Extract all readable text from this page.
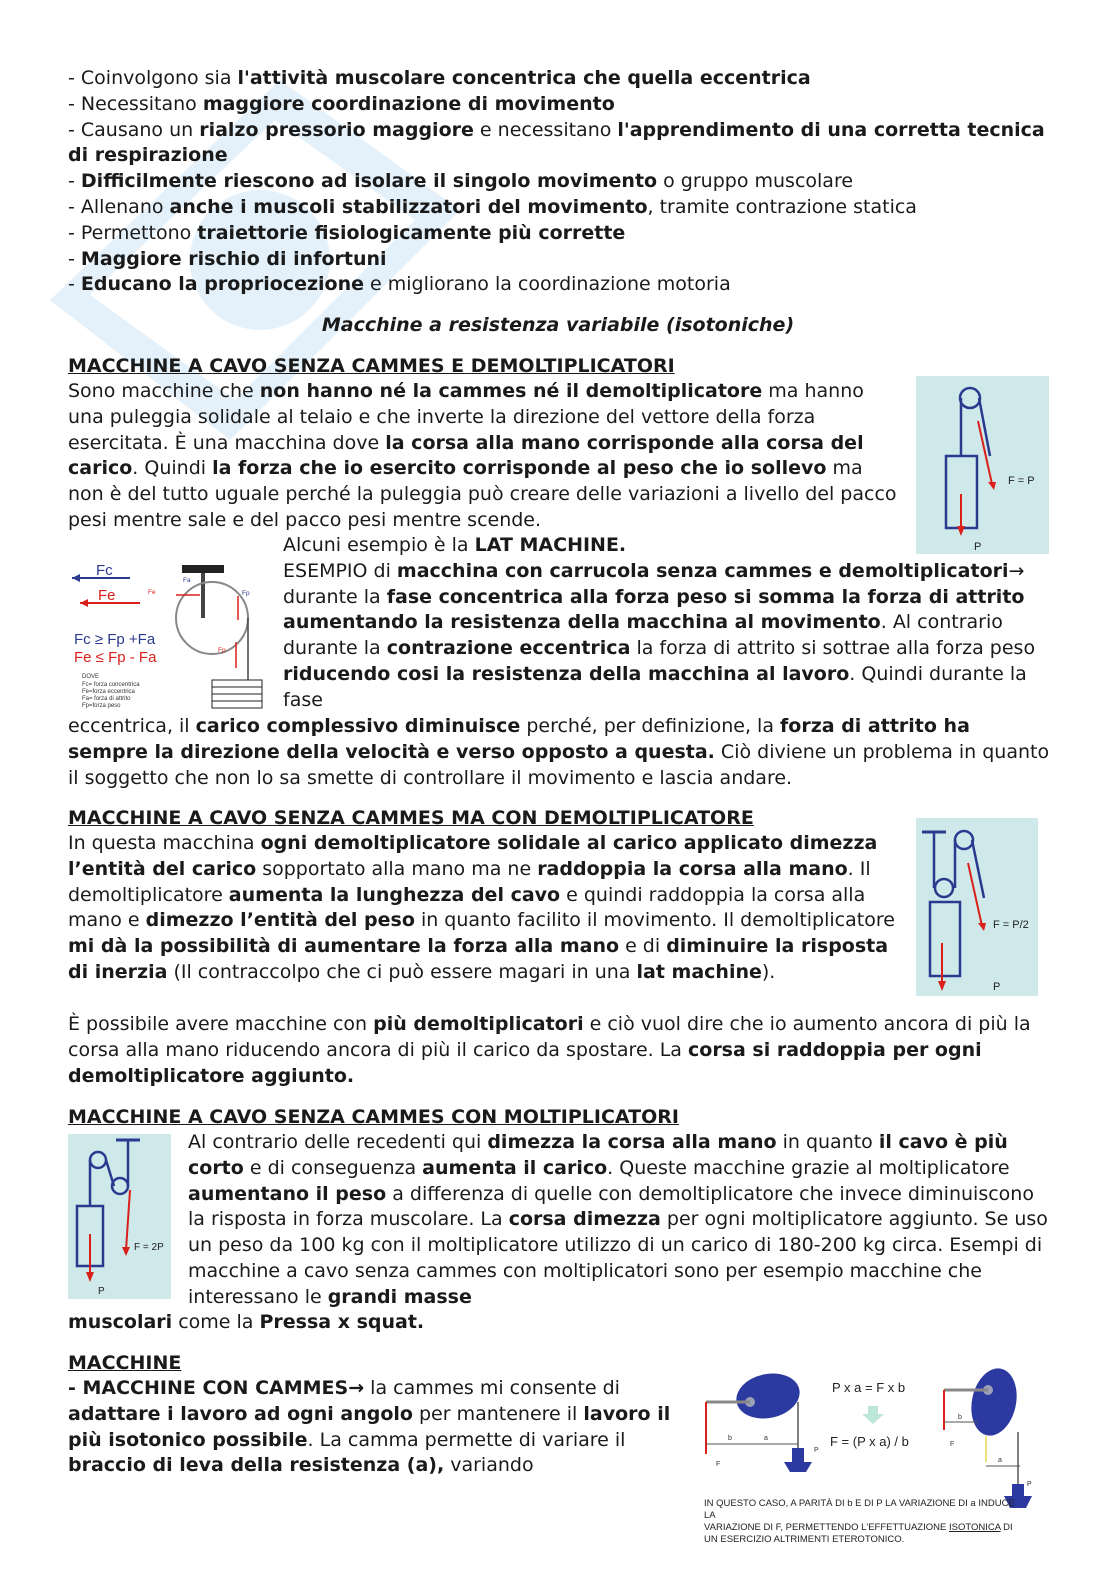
- Coinvolgono sia l'attività muscolare concentrica che quella eccentrica

- Necessitano maggiore coordinazione di movimento

- Causano un rialzo pressorio maggiore e necessitano l'apprendimento di una corretta tecnica di respirazione

- Difficilmente riescono ad isolare il singolo movimento o gruppo muscolare

- Allenano anche i muscoli stabilizzatori del movimento, tramite contrazione statica

- Permettono traiettorie fisiologicamente più corrette

- Maggiore rischio di infortuni

- Educano la propriocezione e migliorano la coordinazione motoria

Macchine a resistenza variabile (isotoniche)
MACCHINE A CAVO SENZA CAMMES E DEMOLTIPLICATORI
Sono macchine che non hanno né la cammes né il demoltiplicatore ma hanno una puleggia solidale al telaio e che inverte la direzione del vettore della forza esercitata. È una macchina dove la corsa alla mano corrisponde alla corsa del carico. Quindi la forza che io esercito corrisponde al peso che io sollevo ma non è del tutto uguale perché la puleggia può creare delle variazioni a livello del pacco pesi mentre sale e del pacco pesi mentre scende.
F = P
P
Fc
Fe
Fa
Fe	Fp
Fp
Fc ≥ Fp +Fa
Fe ≤ Fp - Fa
DOVE
Fc= forza concentrica
Fe=forza eccentrica
Fa= forza di attrito
Fp=forza peso

Alcuni esempio è la LAT MACHINE.

ESEMPIO di macchina con carrucola senza cammes e demoltiplicatori→ durante la fase concentrica alla forza peso si somma la forza di attrito aumentando la resistenza della macchina al movimento. Al contrario durante la contrazione eccentrica la forza di attrito si sottrae alla forza peso riducendo cosi la resistenza della macchina al lavoro. Quindi durante la fase

eccentrica, il carico complessivo diminuisce perché, per definizione, la forza di attrito ha sempre la direzione della velocità e verso opposto a questa. Ciò diviene un problema in quanto il soggetto che non lo sa smette di controllare il movimento e lascia andare.
MACCHINE A CAVO SENZA CAMMES MA CON DEMOLTIPLICATORE
In questa macchina ogni demoltiplicatore solidale al carico applicato dimezza l’entità del carico sopportato alla mano ma ne raddoppia la corsa alla mano. Il demoltiplicatore aumenta la lunghezza del cavo e quindi raddoppia la corsa alla mano e dimezzo l’entità del peso in quanto facilito il movimento. Il demoltiplicatore mi dà la possibilità di aumentare la forza alla mano e di diminuire la risposta di inerzia (Il contraccolpo che ci può essere magari in una lat machine).
F = P/2
P
È possibile avere macchine con più demoltiplicatori e ciò vuol dire che io aumento ancora di più la corsa alla mano riducendo ancora di più il carico da spostare. La corsa si raddoppia per ogni demoltiplicatore aggiunto.
MACCHINE A CAVO SENZA CAMMES CON MOLTIPLICATORI
F = 2P
P
Al contrario delle recedenti qui dimezza la corsa alla mano in quanto il cavo è più corto e di conseguenza aumenta il carico. Queste macchine grazie al moltiplicatore aumentano il peso a differenza di quelle con demoltiplicatore che invece diminuiscono la risposta in forza muscolare. La corsa dimezza per ogni moltiplicatore aggiunto. Se uso un peso da 100 kg con il moltiplicatore utilizzo di un carico di 180-200 kg circa. Esempi di macchine a cavo senza cammes con moltiplicatori sono per esempio macchine che interessano le grandi masse
muscolari come la Pressa x squat.
MACCHINE
- MACCHINE CON CAMMES→ la cammes mi consente di adattare i lavoro ad ogni angolo per mantenere il lavoro il più isotonico possibile. La camma permette di variare il braccio di leva della resistenza (a), variando
b	a
F
P
P x a = F x b
F = (P x a) / b
b
a
F
P
IN QUESTO CASO, A PARITÀ DI b E DI P LA VARIAZIONE DI a INDUCE LA
VARIAZIONE DI F, PERMETTENDO L'EFFETTUAZIONE ISOTONICA DI
UN ESERCIZIO ALTRIMENTI ETEROTONICO.
